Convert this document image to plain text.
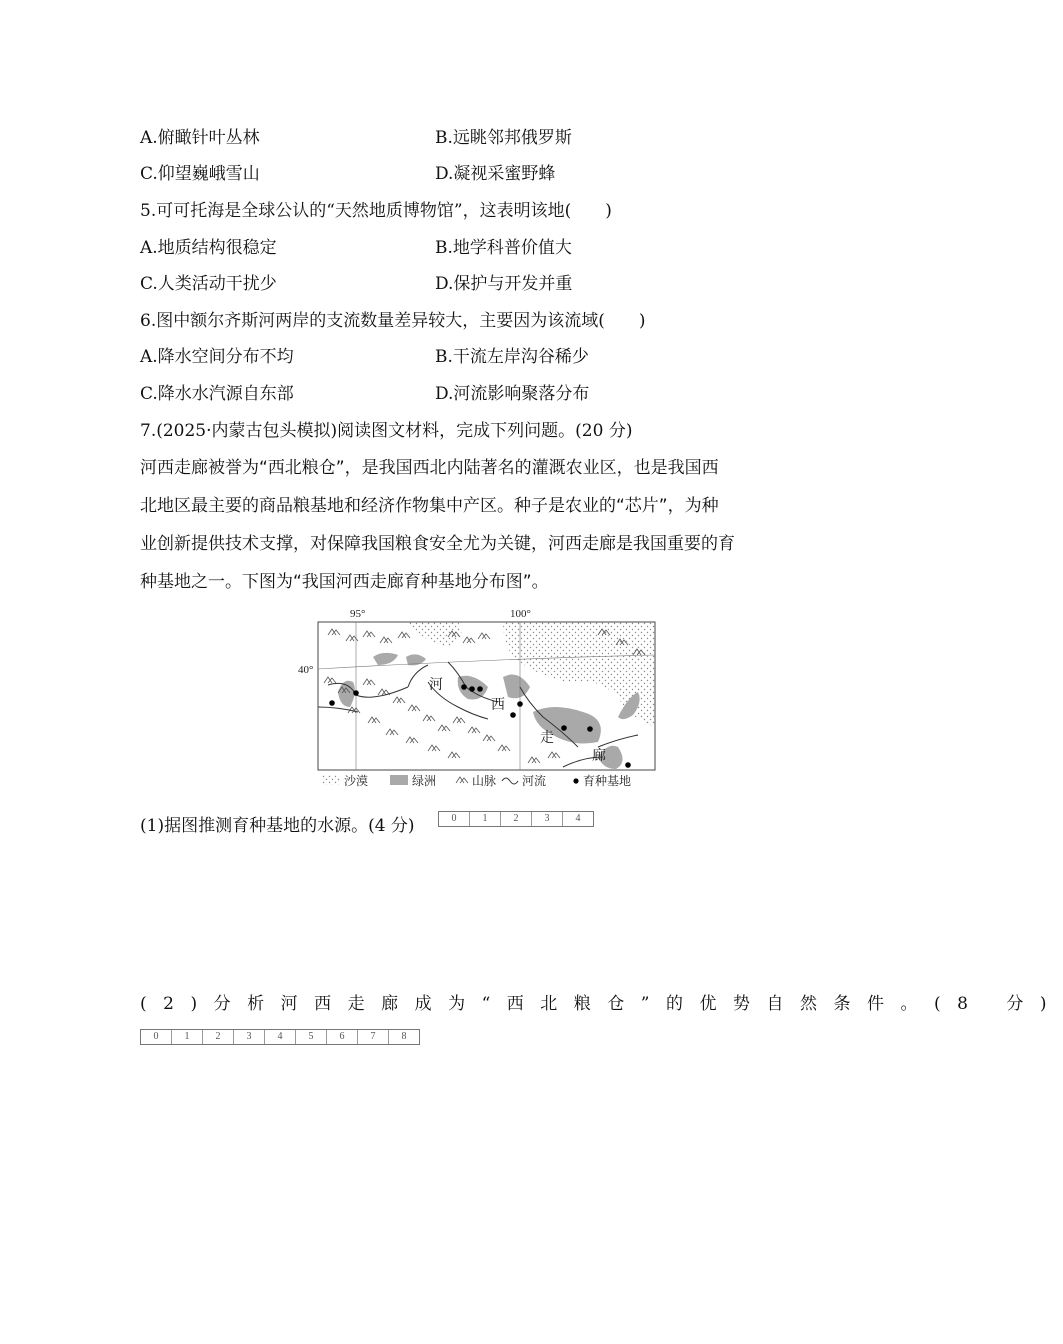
A.俯瞰针叶丛林	B.远眺邻邦俄罗斯
C.仰望巍峨雪山	D.凝视采蜜野蜂
5.可可托海是全球公认的“天然地质博物馆”，这表明该地(　　)
A.地质结构很稳定	B.地学科普价值大
C.人类活动干扰少	D.保护与开发并重
6.图中额尔齐斯河两岸的支流数量差异较大，主要因为该流域(　　)
A.降水空间分布不均	B.干流左岸沟谷稀少
C.降水水汽源自东部	D.河流影响聚落分布
7.(2025·内蒙古包头模拟)阅读图文材料，完成下列问题。(20 分)
河西走廊被誉为“西北粮仓”，是我国西北内陆著名的灌溉农业区，也是我国西
北地区最主要的商品粮基地和经济作物集中产区。种子是农业的“芯片”，为种
业创新提供技术支撑，对保障我国粮食安全尤为关键，河西走廊是我国重要的育
种基地之一。下图为“我国河西走廊育种基地分布图”。
95°	100°
40°
河
西
走
廊
沙漠	绿洲	山脉 河流	育种基地
(1)据图推测育种基地的水源。(4 分)	0	1	2	3	4
(2)分析河西走廊成为“西北粮仓”的优势自然条件。(8 分)
0	1	2	3	4	5	6	7	8
